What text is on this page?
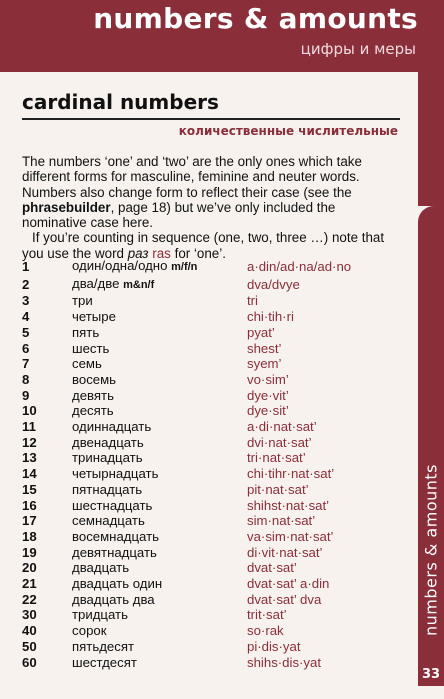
numbers & amounts
цифры и меры
33
numbers & amounts
cardinal numbers
количественные числительные

The numbers ‘one’ and ‘two’ are the only ones which take different forms for masculine, feminine and neuter words. Numbers also change form to reflect their case (see the phrasebuilder, page 18) but we’ve only included the nominative case here.

If you’re counting in sequence (one, two, three …) note that you use the word раз ras for ‘one’.

1	один/одна/одно m/f/n	a·din/ad·na/ad·no
2	два/две m&n/f	dva/dvye
3	три	tri
4	четыре	chi·tih·ri
5	пять	pyat’
6	шесть	shest’
7	семь	syem’
8	восемь	vo·sim’
9	девять	dye·vit’
10	десять	dye·sit’
11	одиннадцать	a·di·nat·sat’
12	двенадцать	dvi·nat·sat’
13	тринадцать	tri·nat·sat’
14	четырнадцать	chi·tihr·nat·sat’
15	пятнадцать	pit·nat·sat’
16	шестнадцать	shihst·nat·sat’
17	семнадцать	sim·nat·sat’
18	восемнадцать	va·sim·nat·sat’
19	девятнадцать	di·vit·nat·sat’
20	двадцать	dvat·sat’
21	двадцать один	dvat·sat’ a·din
22	двадцать два	dvat·sat’ dva
30	тридцать	trit·sat’
40	сорок	so·rak
50	пятьдесят	pi·dis·yat
60	шестдесят	shihs·dis·yat
